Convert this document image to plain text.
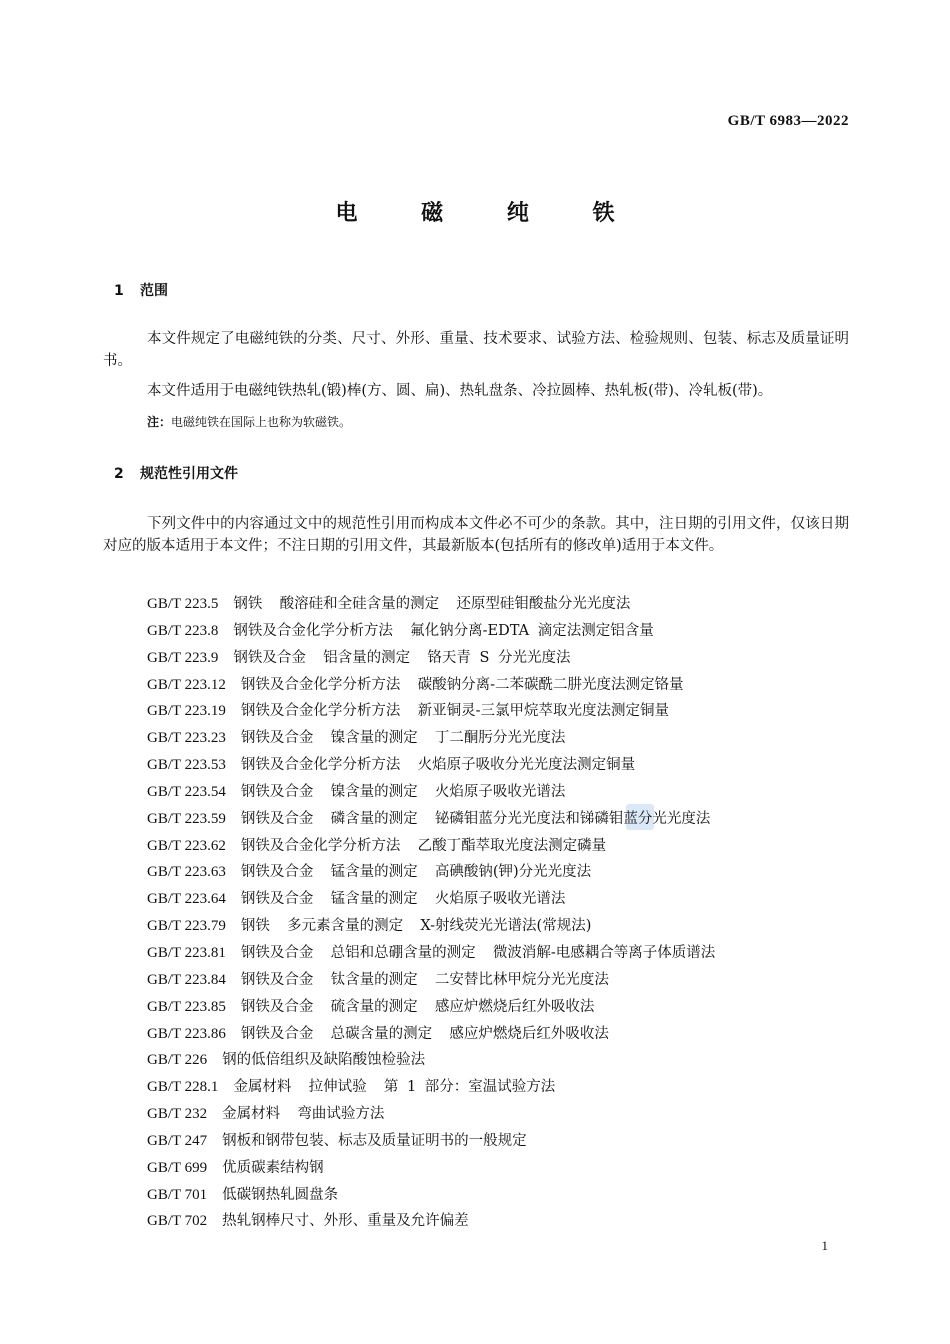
GB/T 6983—2022
电 磁 纯 铁
1 范围
本文件规定了电磁纯铁的分类、尺寸、外形、重量、技术要求、试验方法、检验规则、包装、标志及质量证明书。
本文件适用于电磁纯铁热轧(锻)棒(方、圆、扁)、热轧盘条、冷拉圆棒、热轧板(带)、冷轧板(带)。
注：电磁纯铁在国际上也称为软磁铁。
2 规范性引用文件
下列文件中的内容通过文中的规范性引用而构成本文件必不可少的条款。其中，注日期的引用文件，仅该日期对应的版本适用于本文件；不注日期的引用文件，其最新版本(包括所有的修改单)适用于本文件。
GB/T 223.5 钢铁  酸溶硅和全硅含量的测定  还原型硅钼酸盐分光光度法
GB/T 223.8 钢铁及合金化学分析方法  氟化钠分离-EDTA 滴定法测定铝含量
GB/T 223.9 钢铁及合金  铝含量的测定  铬天青 S 分光光度法
GB/T 223.12 钢铁及合金化学分析方法  碳酸钠分离-二苯碳酰二肼光度法测定铬量
GB/T 223.19 钢铁及合金化学分析方法  新亚铜灵-三氯甲烷萃取光度法测定铜量
GB/T 223.23 钢铁及合金  镍含量的测定  丁二酮肟分光光度法
GB/T 223.53 钢铁及合金化学分析方法  火焰原子吸收分光光度法测定铜量
GB/T 223.54 钢铁及合金  镍含量的测定  火焰原子吸收光谱法
GB/T 223.59 钢铁及合金  磷含量的测定  铋磷钼蓝分光光度法和锑磷钼蓝分光光度法
GB/T 223.62 钢铁及合金化学分析方法  乙酸丁酯萃取光度法测定磷量
GB/T 223.63 钢铁及合金  锰含量的测定  高碘酸钠(钾)分光光度法
GB/T 223.64 钢铁及合金  锰含量的测定  火焰原子吸收光谱法
GB/T 223.79 钢铁  多元素含量的测定  X-射线荧光光谱法(常规法)
GB/T 223.81 钢铁及合金  总铝和总硼含量的测定  微波消解-电感耦合等离子体质谱法
GB/T 223.84 钢铁及合金  钛含量的测定  二安替比林甲烷分光光度法
GB/T 223.85 钢铁及合金  硫含量的测定  感应炉燃烧后红外吸收法
GB/T 223.86 钢铁及合金  总碳含量的测定  感应炉燃烧后红外吸收法
GB/T 226 钢的低倍组织及缺陷酸蚀检验法
GB/T 228.1 金属材料  拉伸试验  第 1 部分：室温试验方法
GB/T 232 金属材料  弯曲试验方法
GB/T 247 钢板和钢带包装、标志及质量证明书的一般规定
GB/T 699 优质碳素结构钢
GB/T 701 低碳钢热轧圆盘条
GB/T 702 热轧钢棒尺寸、外形、重量及允许偏差
1
